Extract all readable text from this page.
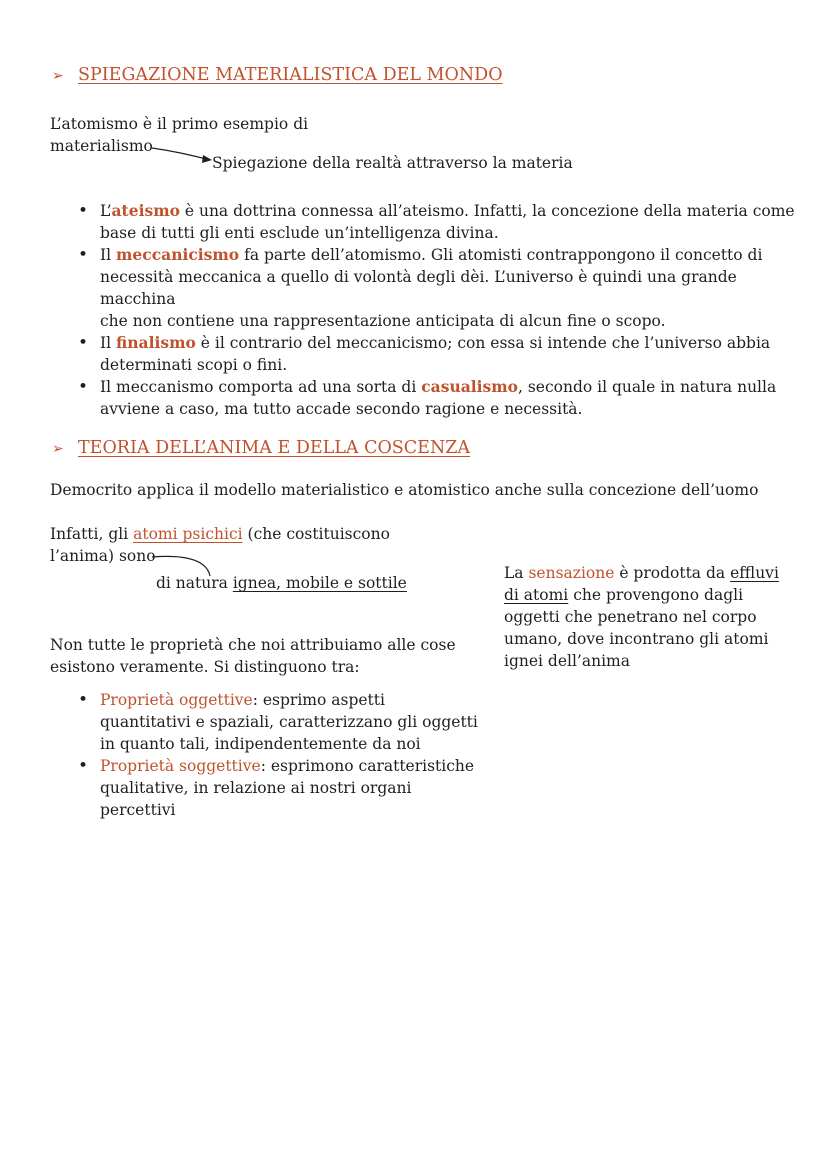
➢ SPIEGAZIONE MATERIALISTICA DEL MONDO

L’atomismo è il primo esempio di

materialismo

Spiegazione della realtà attraverso la materia

• L’ateismo è una dottrina connessa all’ateismo. Infatti, la concezione della materia come
base di tutti gli enti esclude un’intelligenza divina.
• Il meccanicismo fa parte dell’atomismo. Gli atomisti contrappongono il concetto di
necessità meccanica a quello di volontà degli dèi. L’universo è quindi una grande macchina
che non contiene una rappresentazione anticipata di alcun fine o scopo.
• Il finalismo è il contrario del meccanicismo; con essa si intende che l’universo abbia
determinati scopi o fini.
• Il meccanismo comporta ad una sorta di casualismo, secondo il quale in natura nulla
avviene a caso, ma tutto accade secondo ragione e necessità.
➢ TEORIA DELL’ANIMA E DELLA COSCENZA

Democrito applica il modello materialistico e atomistico anche sulla concezione dell’uomo

Infatti, gli atomi psichici (che costituiscono

l’anima) sono

di natura ignea, mobile e sottile

Non tutte le proprietà che noi attribuiamo alle cose

esistono veramente. Si distinguono tra:

• Proprietà oggettive: esprimo aspetti
quantitativi e spaziali, caratterizzano gli oggetti
in quanto tali, indipendentemente da noi
• Proprietà soggettive: esprimono caratteristiche
qualitative, in relazione ai nostri organi
percettivi
La sensazione è prodotta da effluvi
di atomi che provengono dagli
oggetti che penetrano nel corpo
umano, dove incontrano gli atomi
ignei dell’anima
